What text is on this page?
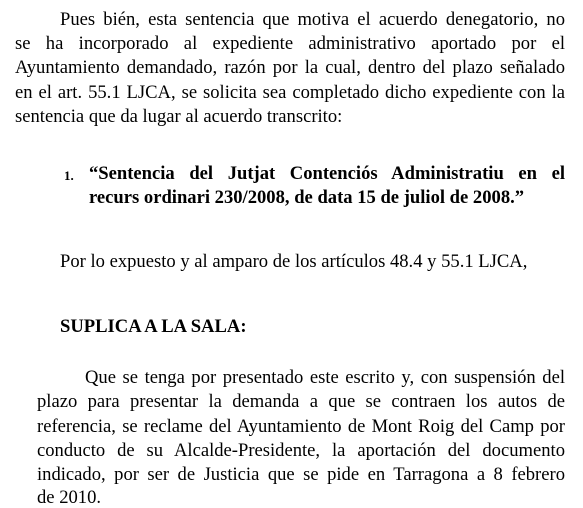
Pues bién, esta sentencia que motiva el acuerdo denegatorio, no
se ha incorporado al expediente administrativo aportado por el
Ayuntamiento demandado, razón por la cual, dentro del plazo señalado
en el art. 55.1 LJCA, se solicita sea completado dicho expediente con la
sentencia que da lugar al acuerdo transcrito:
1. “Sentencia del Jutjat Contenciós Administratiu en el
recurs ordinari 230/2008, de data 15 de juliol de 2008.”
Por lo expuesto y al amparo de los artículos 48.4 y 55.1 LJCA,
SUPLICA A LA SALA:
Que se tenga por presentado este escrito y, con suspensión del
plazo para presentar la demanda a que se contraen los autos de
referencia, se reclame del Ayuntamiento de Mont Roig del Camp por
conducto de su Alcalde-Presidente, la aportación del documento
indicado, por ser de Justicia que se pide en Tarragona a 8 febrero
de 2010.
